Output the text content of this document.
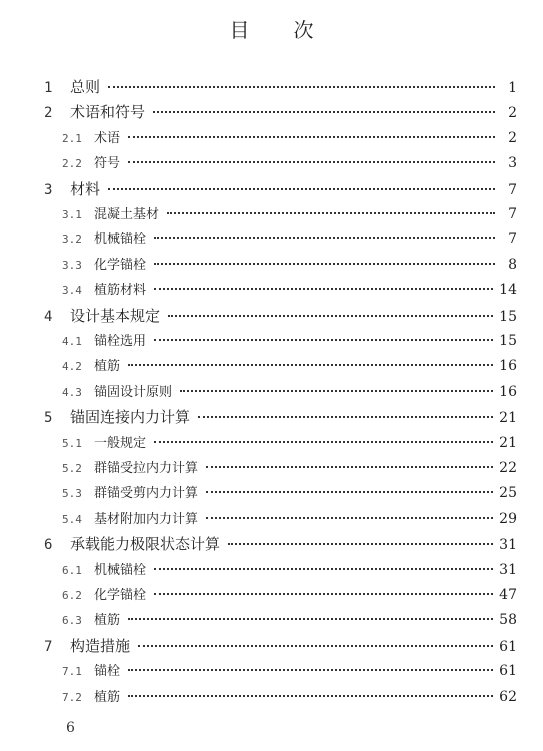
目 次
1	总则	1
2	术语和符号	2
2.1 术语	2
2.2 符号	3
3	材料	7
3.1 混凝土基材	7
3.2 机械锚栓	7
3.3 化学锚栓	8
3.4 植筋材料	14
4	设计基本规定	15
4.1 锚栓选用	15
4.2 植筋	16
4.3 锚固设计原则	16
5	锚固连接内力计算	21
5.1 一般规定	21
5.2 群锚受拉内力计算	22
5.3 群锚受剪内力计算	25
5.4 基材附加内力计算	29
6	承载能力极限状态计算	31
6.1 机械锚栓	31
6.2 化学锚栓	47
6.3 植筋	58
7	构造措施	61
7.1 锚栓	61
7.2 植筋	62
6
